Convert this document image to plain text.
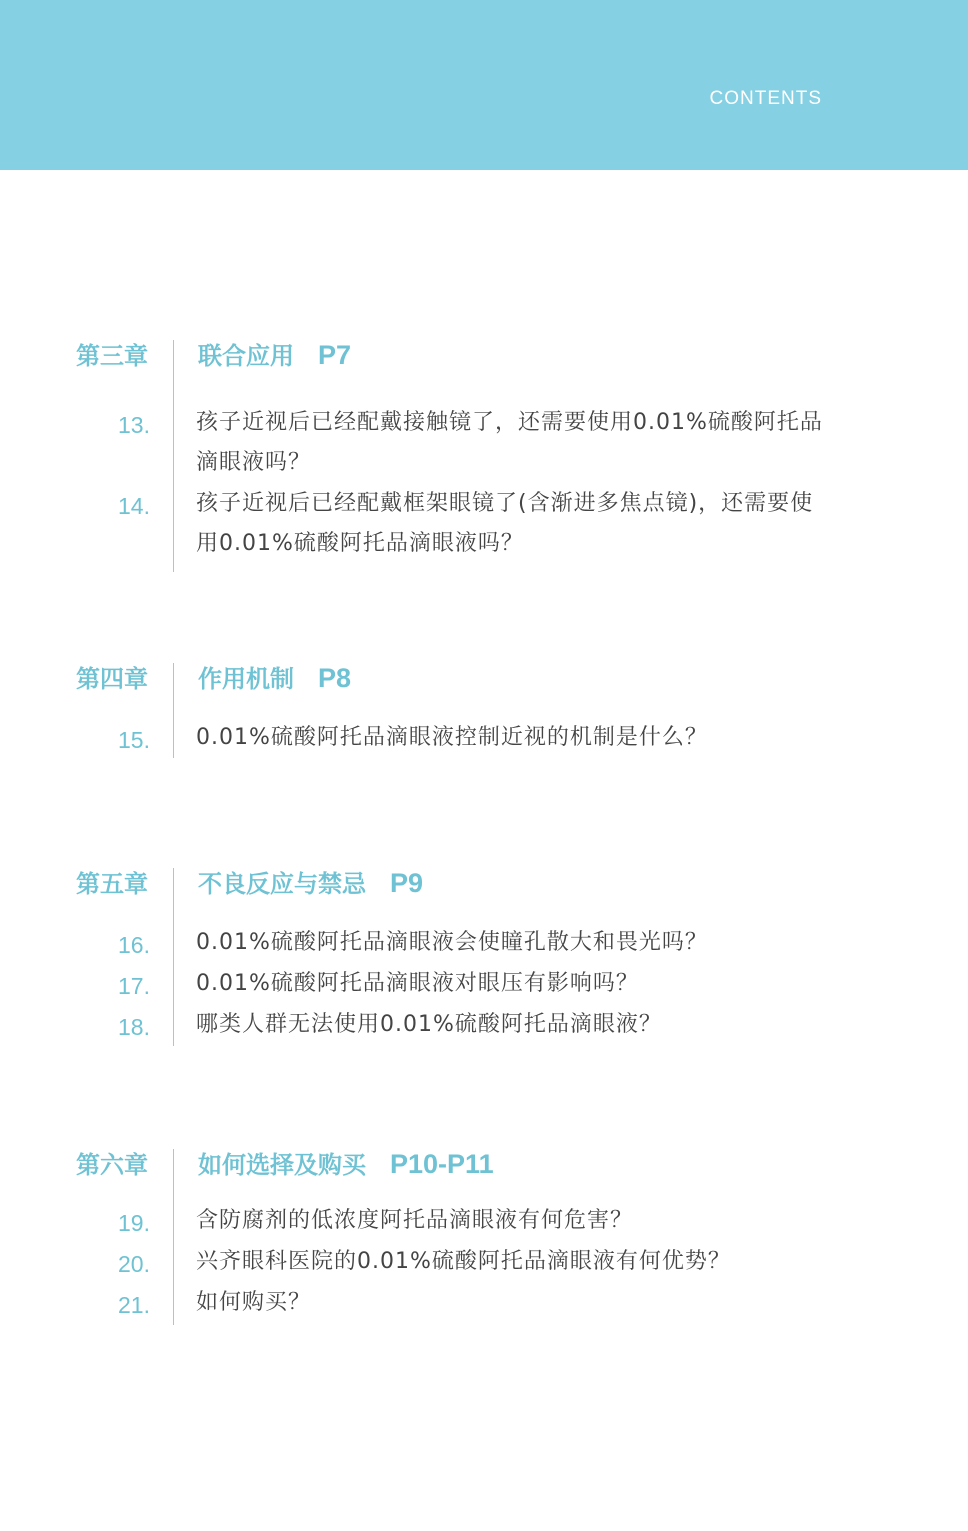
CONTENTS
第三章 联合应用 P7
13. 孩子近视后已经配戴接触镜了，还需要使用0.01%硫酸阿托品滴眼液吗？
14. 孩子近视后已经配戴框架眼镜了(含渐进多焦点镜)，还需要使用0.01%硫酸阿托品滴眼液吗？
第四章 作用机制 P8
15. 0.01%硫酸阿托品滴眼液控制近视的机制是什么？
第五章 不良反应与禁忌 P9
16. 0.01%硫酸阿托品滴眼液会使瞳孔散大和畏光吗？
17. 0.01%硫酸阿托品滴眼液对眼压有影响吗？
18. 哪类人群无法使用0.01%硫酸阿托品滴眼液？
第六章 如何选择及购买 P10-P11
19. 含防腐剂的低浓度阿托品滴眼液有何危害？
20. 兴齐眼科医院的0.01%硫酸阿托品滴眼液有何优势？
21. 如何购买？
